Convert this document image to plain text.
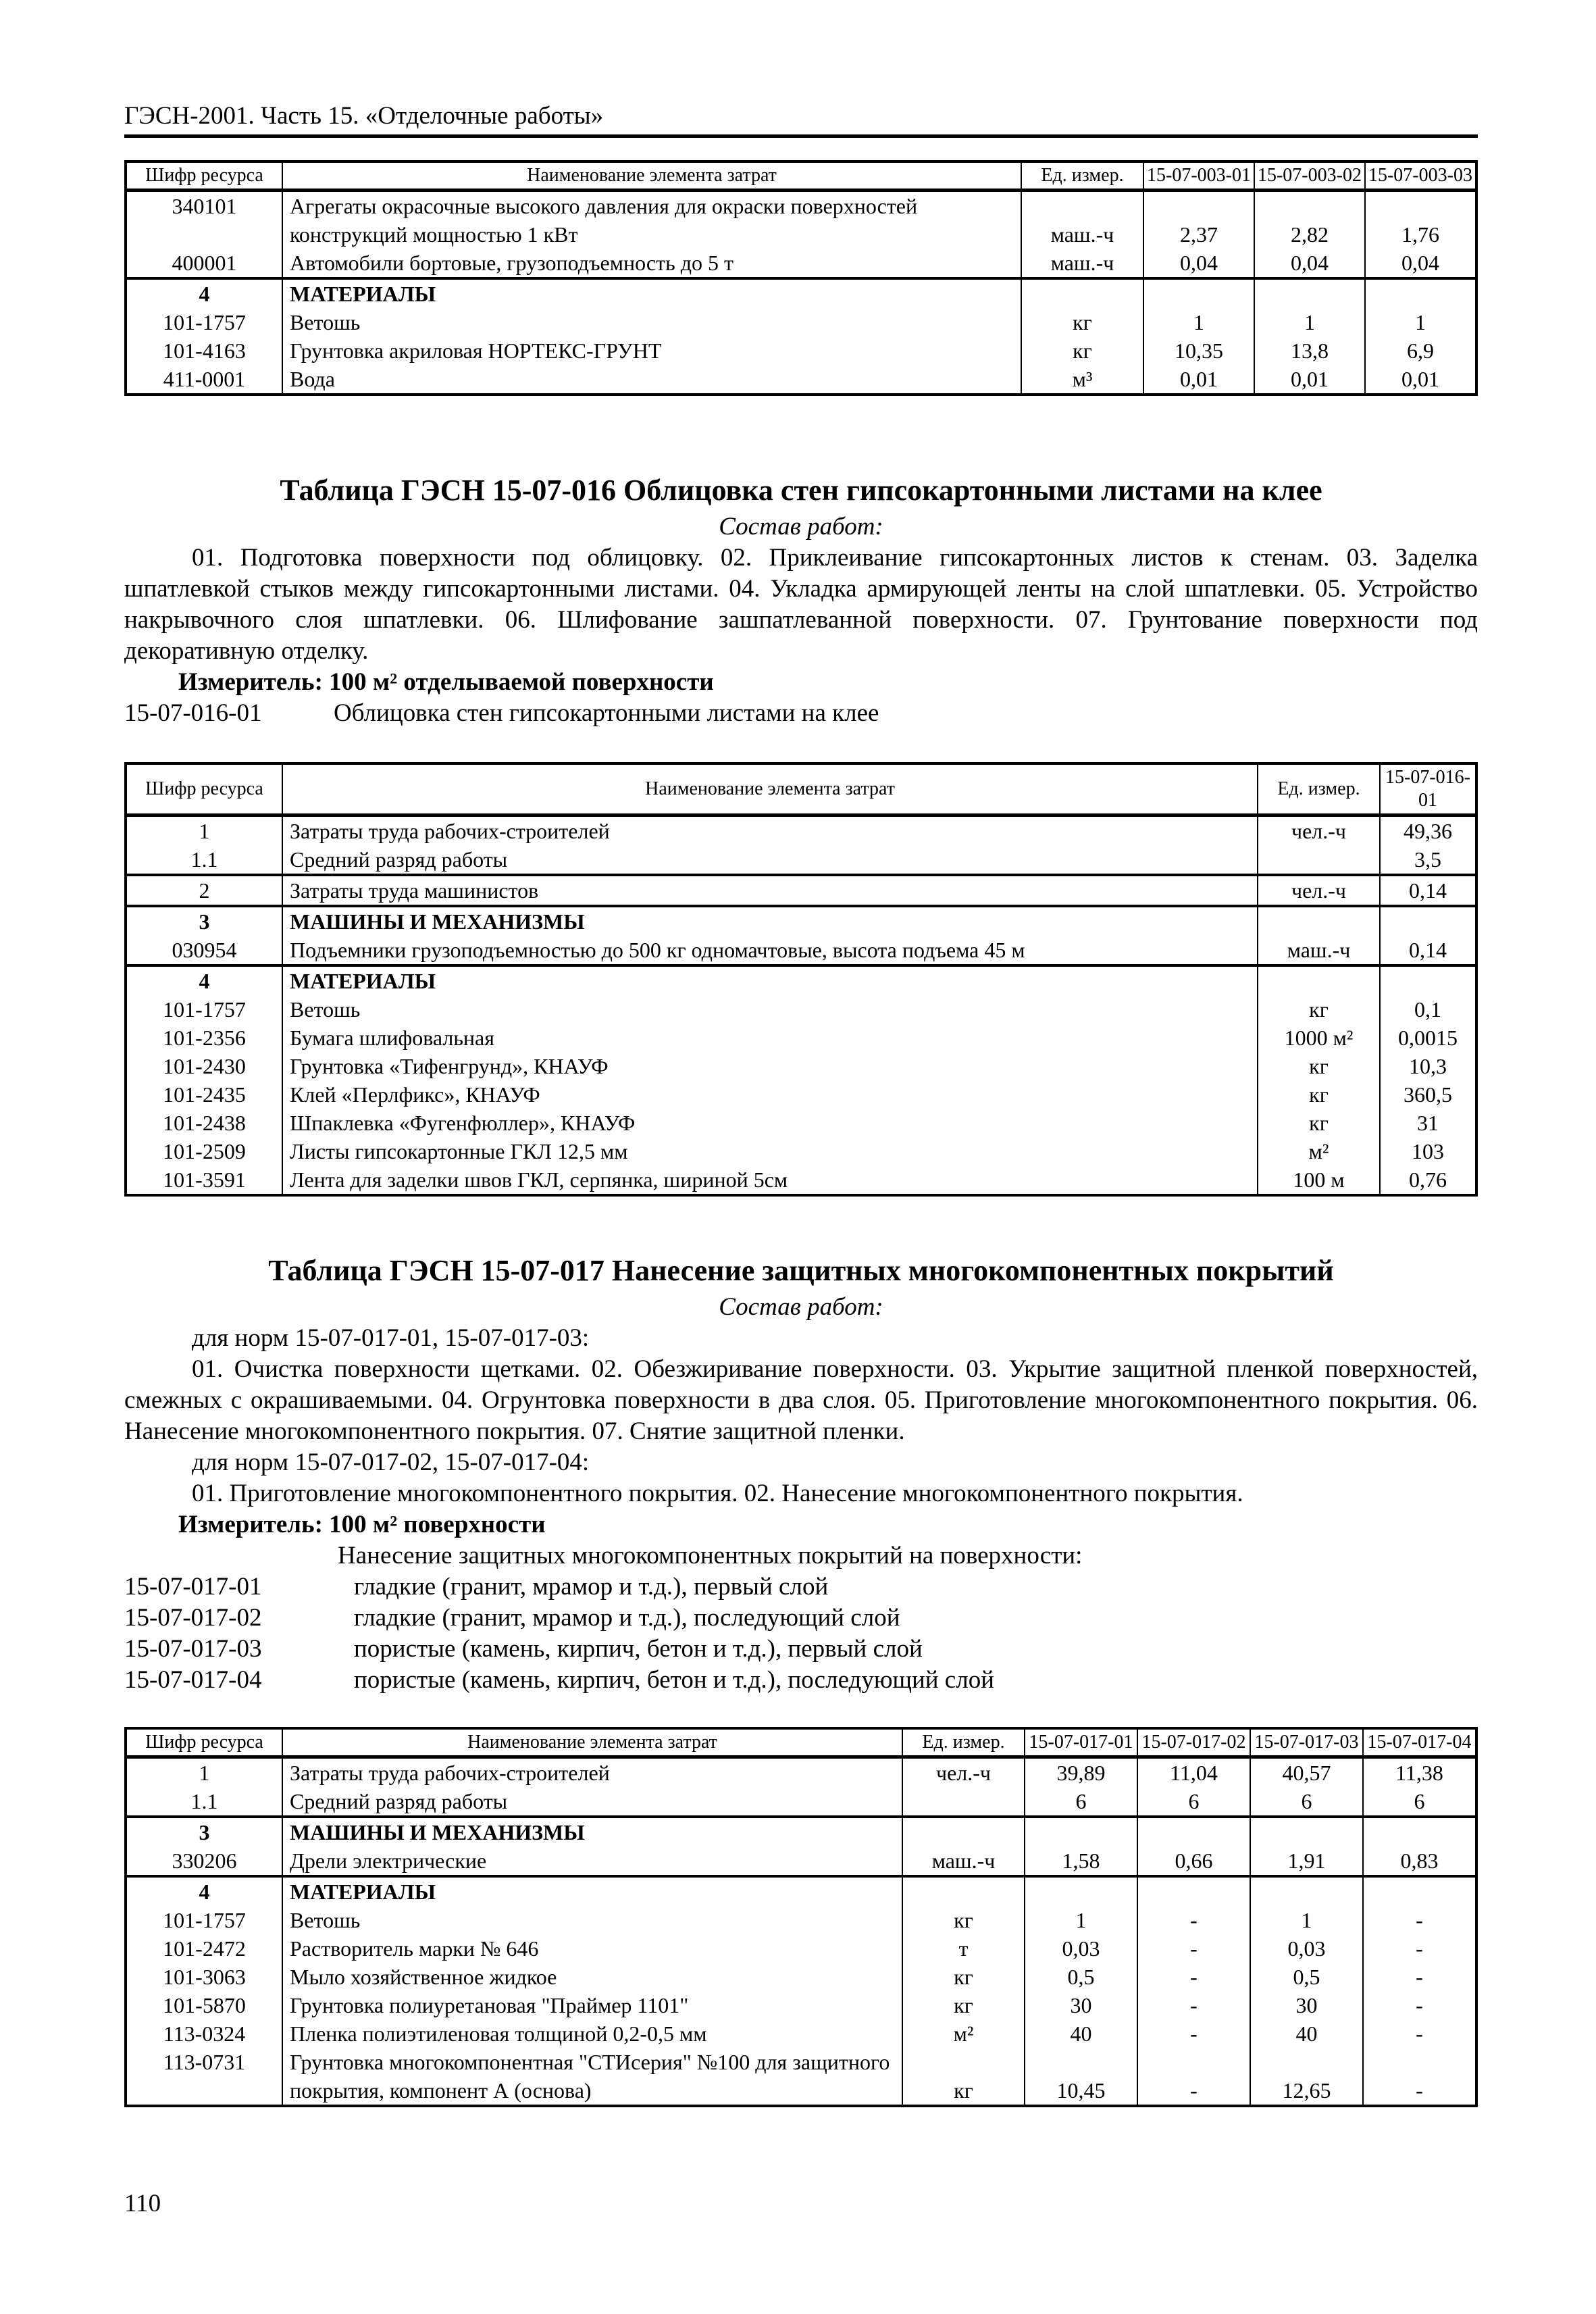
ГЭСН-2001. Часть 15. «Отделочные работы»
Шифр ресурса	Наименование элемента затрат	Ед. измер.	15-07-003-01	15-07-003-02	15-07-003-03
340101	Агрегаты окрасочные высокого давления для окраски поверхностей конструкций мощностью 1 кВт	маш.-ч	2,37	2,82	1,76
400001	Автомобили бортовые, грузоподъемность до 5 т	маш.-ч	0,04	0,04	0,04
4	МАТЕРИАЛЫ				
101-1757	Ветошь	кг	1	1	1
101-4163	Грунтовка акриловая НОРТЕКС-ГРУНТ	кг	10,35	13,8	6,9
411-0001	Вода	м³	0,01	0,01	0,01
Таблица ГЭСН 15-07-016 Облицовка стен гипсокартонными листами на клее
Состав работ:
01. Подготовка поверхности под облицовку. 02. Приклеивание гипсокартонных листов к стенам. 03. Заделка шпатлевкой стыков между гипсокартонными листами. 04. Укладка армирующей ленты на слой шпатлевки. 05. Устройство накрывочного слоя шпатлевки. 06. Шлифование зашпатлеванной поверхности. 07. Грунтование поверхности под декоративную отделку.
Измеритель: 100 м² отделываемой поверхности
15-07-016-01	Облицовка стен гипсокартонными листами на клее
Шифр ресурса	Наименование элемента затрат	Ед. измер.	15-07-016-01
1	Затраты труда рабочих-строителей	чел.-ч	49,36
1.1	Средний разряд работы		3,5
2	Затраты труда машинистов	чел.-ч	0,14
3	МАШИНЫ И МЕХАНИЗМЫ		
030954	Подъемники грузоподъемностью до 500 кг одномачтовые, высота подъема 45 м	маш.-ч	0,14
4	МАТЕРИАЛЫ		
101-1757	Ветошь	кг	0,1
101-2356	Бумага шлифовальная	1000 м²	0,0015
101-2430	Грунтовка «Тифенгрунд», КНАУФ	кг	10,3
101-2435	Клей «Перлфикс», КНАУФ	кг	360,5
101-2438	Шпаклевка «Фугенфюллер», КНАУФ	кг	31
101-2509	Листы гипсокартонные ГКЛ 12,5 мм	м²	103
101-3591	Лента для заделки швов ГКЛ, серпянка, шириной 5см	100 м	0,76
Таблица ГЭСН 15-07-017 Нанесение защитных многокомпонентных покрытий
Состав работ:
для норм 15-07-017-01, 15-07-017-03:
01. Очистка поверхности щетками. 02. Обезжиривание поверхности. 03. Укрытие защитной пленкой поверхностей, смежных с окрашиваемыми. 04. Огрунтовка поверхности в два слоя. 05. Приготовление многокомпонентного покрытия. 06. Нанесение многокомпонентного покрытия. 07. Снятие защитной пленки.
для норм 15-07-017-02, 15-07-017-04:
01. Приготовление многокомпонентного покрытия. 02. Нанесение многокомпонентного покрытия.
Измеритель: 100 м² поверхности
Нанесение защитных многокомпонентных покрытий на поверхности:
15-07-017-01	гладкие (гранит, мрамор и т.д.), первый слой
15-07-017-02	гладкие (гранит, мрамор и т.д.), последующий слой
15-07-017-03	пористые (камень, кирпич, бетон и т.д.), первый слой
15-07-017-04	пористые (камень, кирпич, бетон и т.д.), последующий слой
Шифр ресурса	Наименование элемента затрат	Ед. измер.	15-07-017-01	15-07-017-02	15-07-017-03	15-07-017-04
1	Затраты труда рабочих-строителей	чел.-ч	39,89	11,04	40,57	11,38
1.1	Средний разряд работы		6	6	6	6
3	МАШИНЫ И МЕХАНИЗМЫ					
330206	Дрели электрические	маш.-ч	1,58	0,66	1,91	0,83
4	МАТЕРИАЛЫ					
101-1757	Ветошь	кг	1	-	1	-
101-2472	Растворитель марки № 646	т	0,03	-	0,03	-
101-3063	Мыло хозяйственное жидкое	кг	0,5	-	0,5	-
101-5870	Грунтовка полиуретановая "Праймер 1101"	кг	30	-	30	-
113-0324	Пленка полиэтиленовая толщиной 0,2-0,5 мм	м²	40	-	40	-
113-0731	Грунтовка многокомпонентная "СТИсерия" №100 для защитного покрытия, компонент А (основа)	кг	10,45	-	12,65	-
110
